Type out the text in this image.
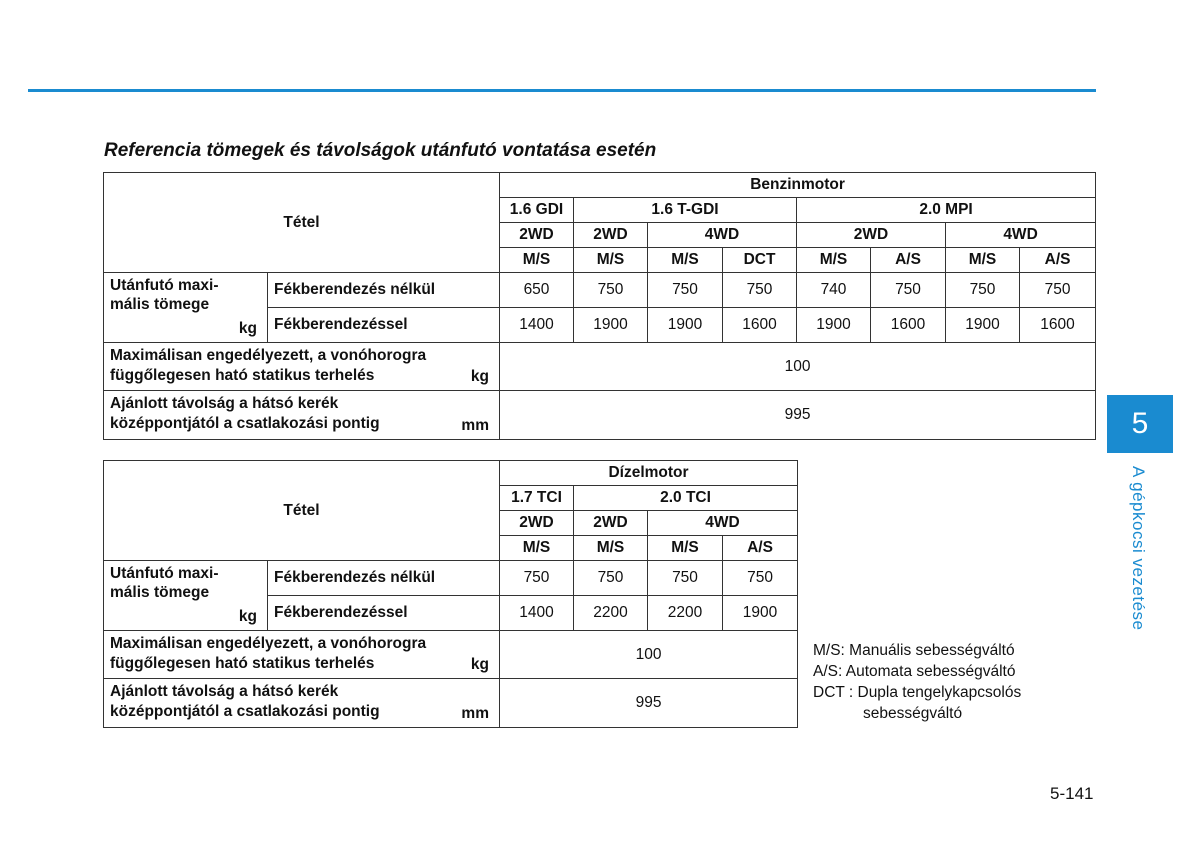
Referencia tömegek és távolságok utánfutó vontatása esetén
Tétel		Benzinmotor							
		1.6 GDI	1.6 T-GDI			2.0 MPI			
		2WD	2WD	4WD		2WD		4WD	
		M/S	M/S	M/S	DCT	M/S	A/S	M/S	A/S

Utánfutó maxi-
mális tömege
kg	Fékberendezés nélkül	650	750	750	750	740	750	750	750
	Fékberendezéssel	1400	1900	1900	1600	1900	1600	1900	1600

Maximálisan engedélyezett, a vonóhorogra
függőlegesen ható statikus terhelés kg		100							

Ajánlott távolság a hátsó kerék
középpontjától a csatlakozási pontig mm		995							
Tétel		Dízelmotor			
		1.7 TCI	2.0 TCI		
		2WD	2WD	4WD	
		M/S	M/S	M/S	A/S

Utánfutó maxi-
mális tömege
kg	Fékberendezés nélkül	750	750	750	750
	Fékberendezéssel	1400	2200	2200	1900

Maximálisan engedélyezett, a vonóhorogra
függőlegesen ható statikus terhelés kg		100			

Ajánlott távolság a hátsó kerék
középpontjától a csatlakozási pontig mm		995			
M/S: Manuális sebességváltó
A/S: Automata sebességváltó
DCT : Dupla tengelykapcsolós
sebességváltó
5
A gépkocsi vezetése
5-141
